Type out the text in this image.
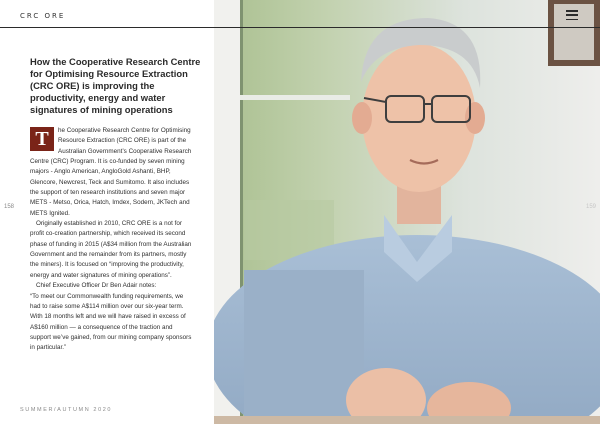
CRC ORE
How the Cooperative Research Centre for Optimising Resource Extraction (CRC ORE) is improving the productivity, energy and water signatures of mining operations

T	he Cooperative Research Centre for Optimising Resource Extraction (CRC ORE) is part of the Australian Government’s Cooperative Research Centre (CRC) Program. It is co-funded by seven mining majors - Anglo American, AngloGold Ashanti, BHP, Glencore, Newcrest, Teck and Sumitomo. It also includes the support of ten research institutions and seven major METS - Metso, Orica, Hatch, Imdex, Sodern, JKTech and METS Ignited.

Originally established in 2010, CRC ORE is a not for profit co-creation partnership, which received its second phase of funding in 2015 (A$34 million from the Australian Government and the remainder from its partners, mostly the miners). It is focused on “improving the productivity, energy and water signatures of mining operations”.

Chief Executive Officer Dr Ben Adair notes:

“To meet our Commonwealth funding requirements, we had to raise some A$114 million over our six-year term. With 18 months left and we will have raised in excess of A$160 million — a consequence of the traction and support we’ve gained, from our mining company sponsors in particular.”

158
SUMMER/AUTUMN 2020
159
